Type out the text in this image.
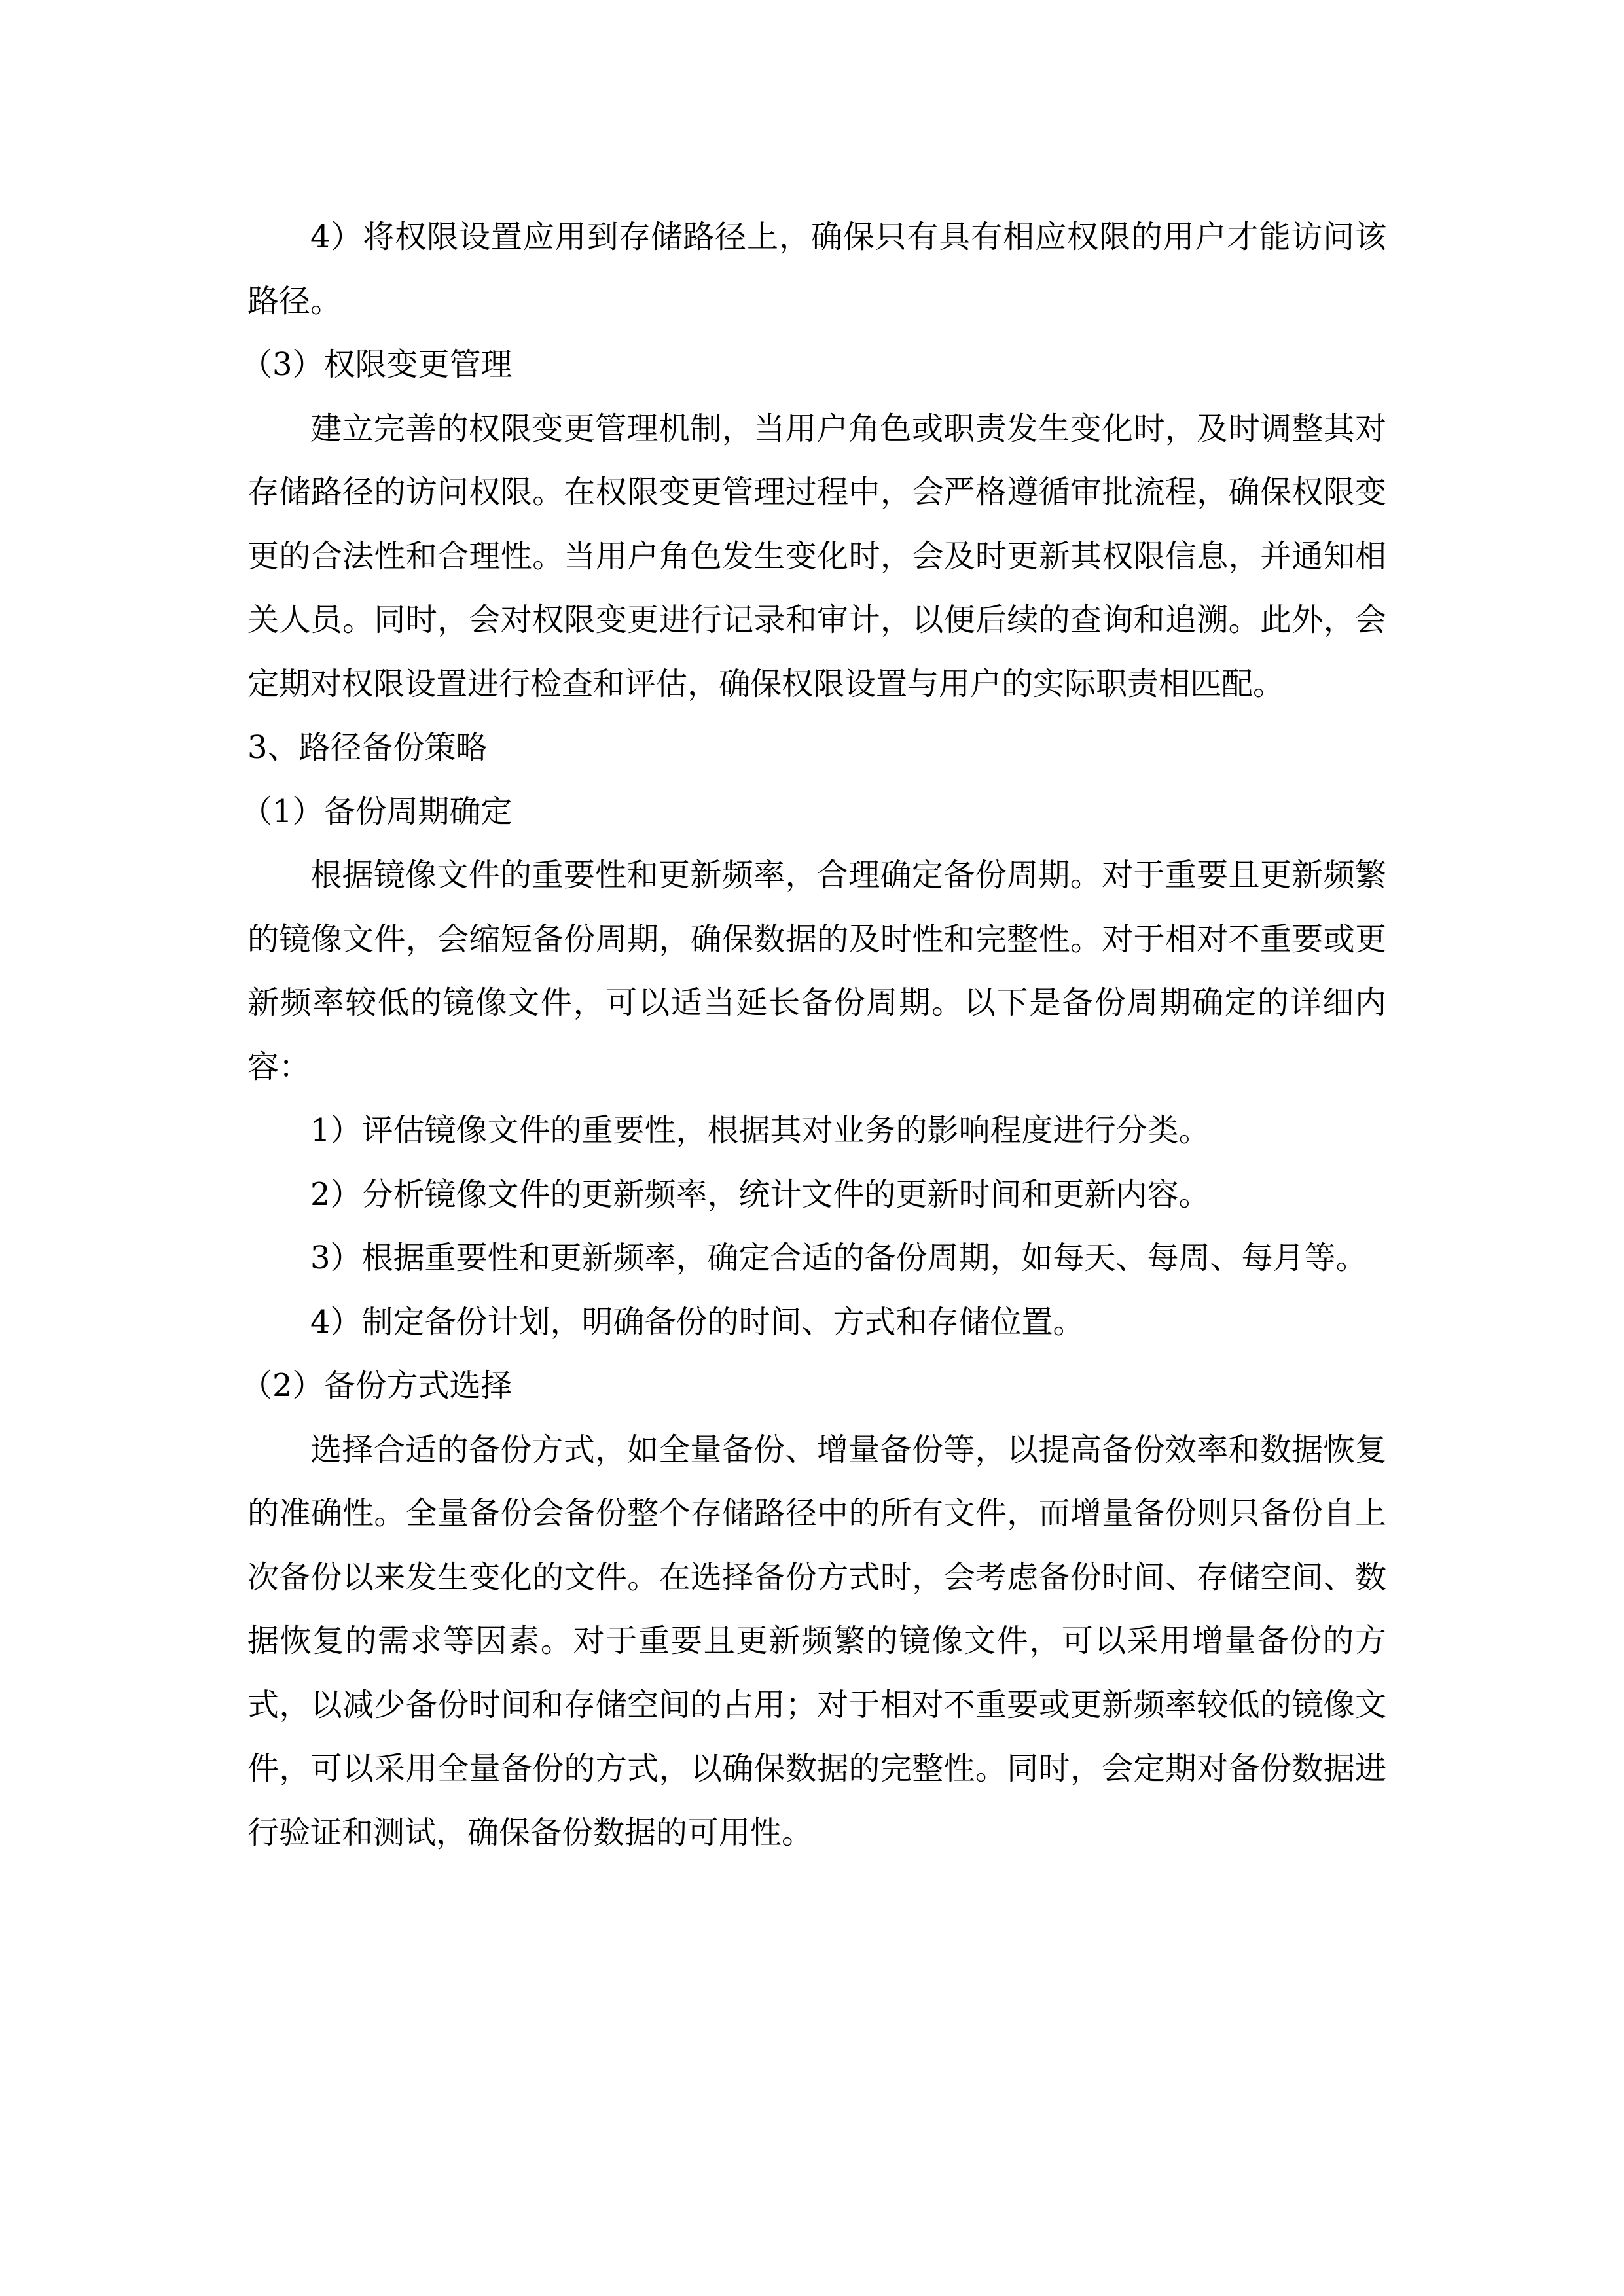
4）将权限设置应用到存储路径上，确保只有具有相应权限的用户才能访问该路径。

（3）权限变更管理

建立完善的权限变更管理机制，当用户角色或职责发生变化时，及时调整其对存储路径的访问权限。在权限变更管理过程中，会严格遵循审批流程，确保权限变更的合法性和合理性。当用户角色发生变化时，会及时更新其权限信息，并通知相关人员。同时，会对权限变更进行记录和审计，以便后续的查询和追溯。此外，会定期对权限设置进行检查和评估，确保权限设置与用户的实际职责相匹配。

3、路径备份策略

（1）备份周期确定

根据镜像文件的重要性和更新频率，合理确定备份周期。对于重要且更新频繁的镜像文件，会缩短备份周期，确保数据的及时性和完整性。对于相对不重要或更新频率较低的镜像文件，可以适当延长备份周期。以下是备份周期确定的详细内容：

1）评估镜像文件的重要性，根据其对业务的影响程度进行分类。

2）分析镜像文件的更新频率，统计文件的更新时间和更新内容。

3）根据重要性和更新频率，确定合适的备份周期，如每天、每周、每月等。

4）制定备份计划，明确备份的时间、方式和存储位置。

（2）备份方式选择

选择合适的备份方式，如全量备份、增量备份等，以提高备份效率和数据恢复的准确性。全量备份会备份整个存储路径中的所有文件，而增量备份则只备份自上次备份以来发生变化的文件。在选择备份方式时，会考虑备份时间、存储空间、数据恢复的需求等因素。对于重要且更新频繁的镜像文件，可以采用增量备份的方式，以减少备份时间和存储空间的占用；对于相对不重要或更新频率较低的镜像文件，可以采用全量备份的方式，以确保数据的完整性。同时，会定期对备份数据进行验证和测试，确保备份数据的可用性。
